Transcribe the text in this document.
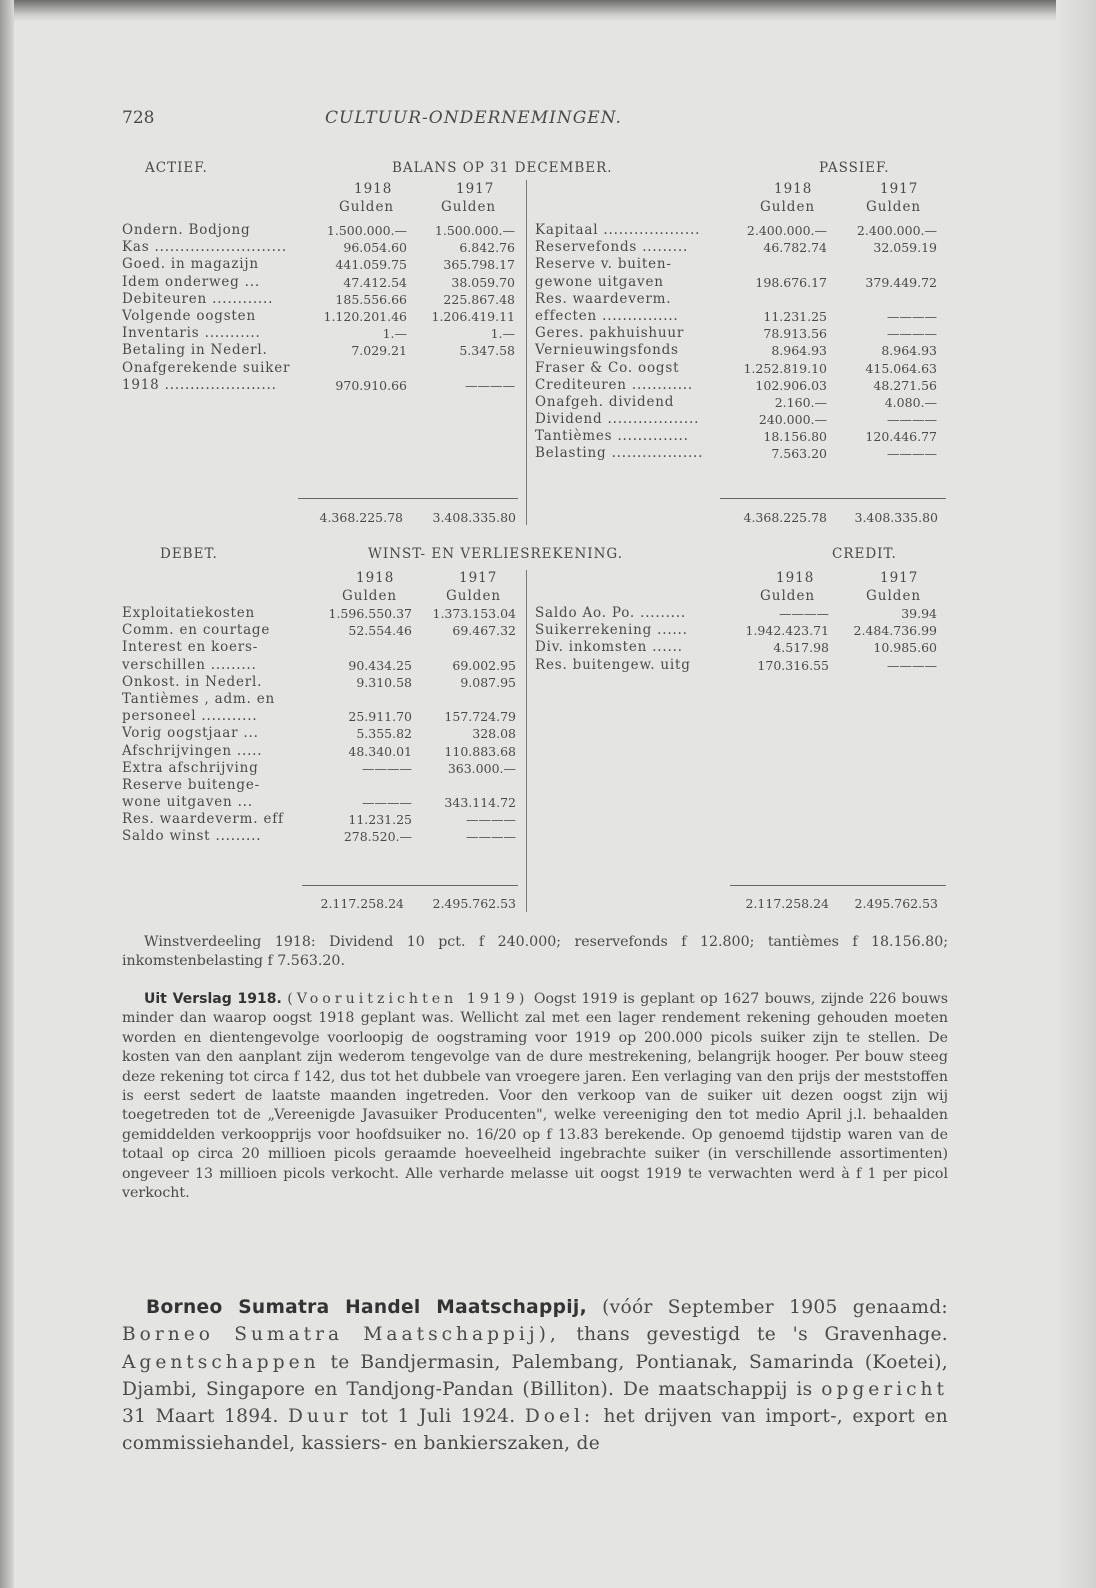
728	CULTUUR-ONDERNEMINGEN.
ACTIEF.	BALANS OP 31 DECEMBER.	PASSIEF.
1918	1917
Gulden	Gulden
1918	1917
Gulden	Gulden
Ondern. Bodjong	1.500.000.— 1.500.000.—
Kas ..........................	96.054.60	6.842.76
Goed. in magazijn	441.059.75	365.798.17
Idem onderweg ...	47.412.54	38.059.70
Debiteuren ............	185.556.66	225.867.48
Volgende oogsten	1.120.201.46 1.206.419.11
Inventaris ...........	1.—	1.—
Betaling in Nederl.	7.029.21	5.347.58
Onafgerekende suiker
1918 ......................	970.910.66	————
Kapitaal ...................	2.400.000.— 2.400.000.—
Reservefonds .........	46.782.74	32.059.19
Reserve v. buiten-
gewone uitgaven	198.676.17	379.449.72
Res. waardeverm.
effecten ...............	11.231.25	————
Geres. pakhuishuur	78.913.56	————
Vernieuwingsfonds	8.964.93	8.964.93
Fraser & Co. oogst	1.252.819.10	415.064.63
Crediteuren ............	102.906.03	48.271.56
Onafgeh. dividend	2.160.—	4.080.—
Dividend ..................	240.000.—	————
Tantièmes ..............	18.156.80	120.446.77
Belasting ..................	7.563.20	————
4.368.225.78	3.408.335.80	4.368.225.78	3.408.335.80
DEBET.	WINST- EN VERLIESREKENING.	CREDIT.
1918	1917
Gulden	Gulden
1918	1917
Gulden	Gulden
Exploitatiekosten	1.596.550.37 1.373.153.04
Comm. en courtage	52.554.46	69.467.32
Interest en koers-
verschillen .........	90.434.25	69.002.95
Onkost. in Nederl.	9.310.58	9.087.95
Tantièmes , adm. en
personeel ...........	25.911.70	157.724.79
Vorig oogstjaar ...	5.355.82	328.08
Afschrijvingen .....	48.340.01	110.883.68
Extra afschrijving	————	363.000.—
Reserve buitenge-
wone uitgaven ...	————	343.114.72
Res. waardeverm. eff	11.231.25	————
Saldo winst .........	278.520.—	————
Saldo Ao. Po. .........	————	39.94
Suikerrekening ......	1.942.423.71 2.484.736.99
Div. inkomsten ......	4.517.98	10.985.60
Res. buitengew. uitg	170.316.55	————
2.117.258.24	2.495.762.53	2.117.258.24	2.495.762.53
Winstverdeeling 1918: Dividend 10 pct. f 240.000; reservefonds f 12.800; tantièmes f 18.156.80; inkomstenbelasting f 7.563.20.
Uit Verslag 1918. (Vooruitzichten 1919) Oogst 1919 is geplant op 1627 bouws, zijnde 226 bouws minder dan waarop oogst 1918 geplant was. Wellicht zal met een lager rendement rekening gehouden moeten worden en dientengevolge voorloopig de oogstraming voor 1919 op 200.000 picols suiker zijn te stellen. De kosten van den aanplant zijn wederom tengevolge van de dure mestrekening, belangrijk hooger. Per bouw steeg deze rekening tot circa f 142, dus tot het dubbele van vroegere jaren. Een verlaging van den prijs der meststoffen is eerst sedert de laatste maanden ingetreden. Voor den verkoop van de suiker uit dezen oogst zijn wij toegetreden tot de „Vereenigde Javasuiker Producenten", welke vereeniging den tot medio April j.l. behaalden gemiddelden verkoopprijs voor hoofdsuiker no. 16/20 op f 13.83 berekende. Op genoemd tijdstip waren van de totaal op circa 20 millioen picols geraamde hoeveelheid ingebrachte suiker (in verschillende assortimenten) ongeveer 13 millioen picols verkocht. Alle verharde melasse uit oogst 1919 te verwachten werd à f 1 per picol verkocht.
Borneo Sumatra Handel Maatschappij, (vóór September 1905 genaamd: Borneo Sumatra Maatschappij), thans gevestigd te 's Gravenhage. Agentschappen te Bandjermasin, Palembang, Pontianak, Samarinda (Koetei), Djambi, Singapore en Tandjong-Pandan (Billiton). De maatschappij is opgericht 31 Maart 1894. Duur tot 1 Juli 1924. Doel: het drijven van import-, export en commissiehandel, kassiers- en bankierszaken, de
